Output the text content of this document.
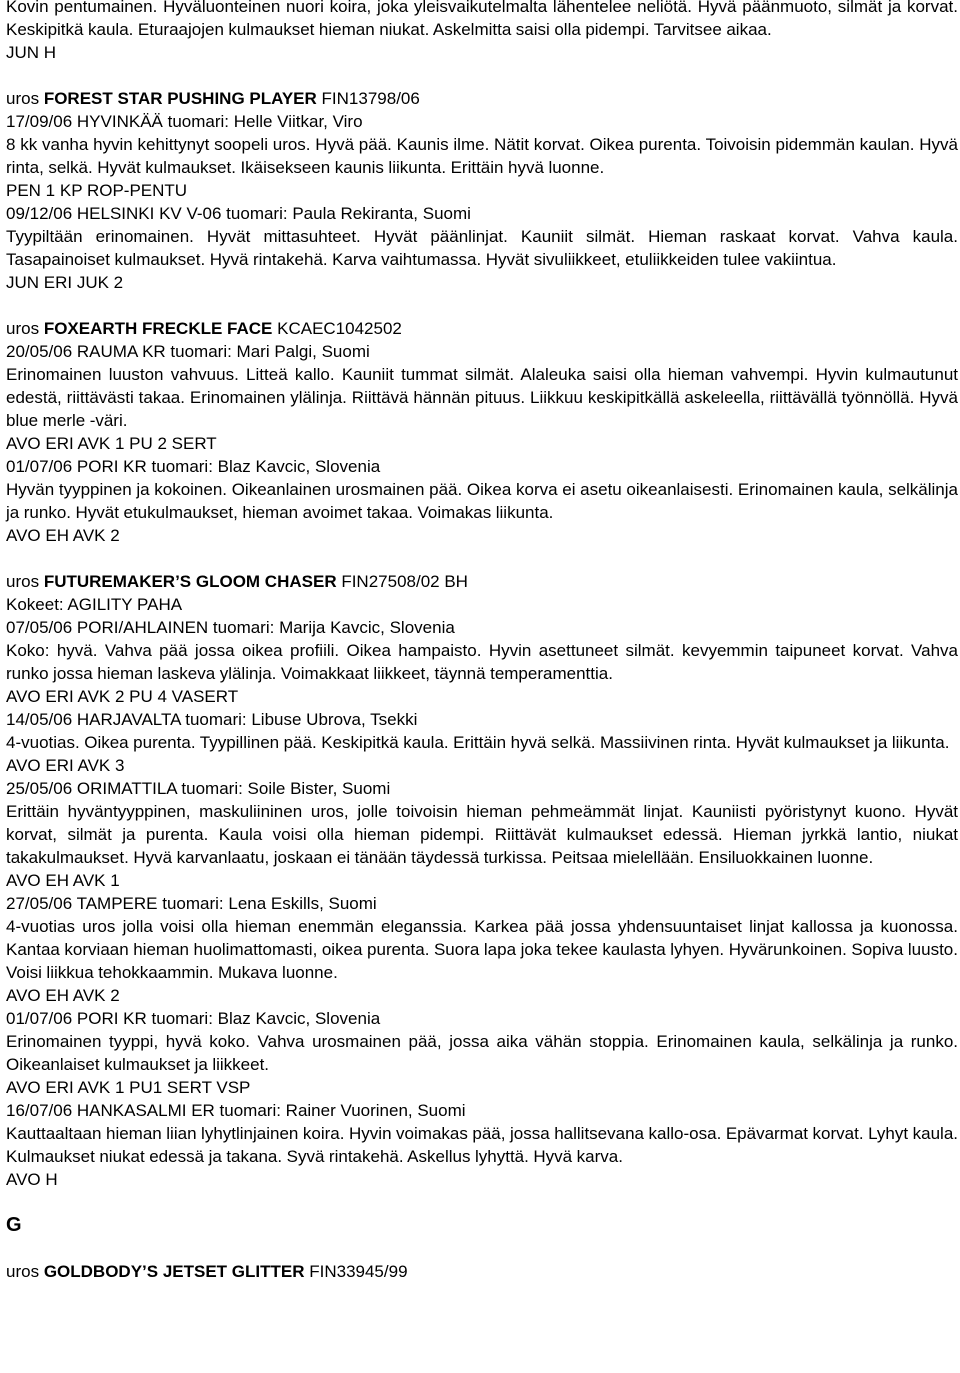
Kovin pentumainen. Hyväluonteinen nuori koira, joka yleisvaikutelmalta lähentelee neliötä. Hyvä päänmuoto, silmät ja korvat. Keskipitkä kaula. Eturaajojen kulmaukset hieman niukat. Askelmitta saisi olla pidempi. Tarvitsee aikaa.
JUN H
uros FOREST STAR PUSHING PLAYER FIN13798/06
17/09/06 HYVINKÄÄ tuomari: Helle Viitkar, Viro
8 kk vanha hyvin kehittynyt soopeli uros. Hyvä pää. Kaunis ilme. Nätit korvat. Oikea purenta. Toivoisin pidemmän kaulan. Hyvä rinta, selkä. Hyvät kulmaukset. Ikäisekseen kaunis liikunta. Erittäin hyvä luonne.
PEN 1 KP ROP-PENTU
09/12/06 HELSINKI KV V-06 tuomari: Paula Rekiranta, Suomi
Tyypiltään erinomainen. Hyvät mittasuhteet. Hyvät päänlinjat. Kauniit silmät. Hieman raskaat korvat. Vahva kaula. Tasapainoiset kulmaukset. Hyvä rintakehä. Karva vaihtumassa. Hyvät sivuliikkeet, etuliikkeiden tulee vakiintua.
JUN ERI JUK 2
uros FOXEARTH FRECKLE FACE KCAEC1042502
20/05/06 RAUMA KR tuomari: Mari Palgi, Suomi
Erinomainen luuston vahvuus. Litteä kallo. Kauniit tummat silmät. Alaleuka saisi olla hieman vahvempi. Hyvin kulmautunut edestä, riittävästi takaa. Erinomainen ylälinja. Riittävä hännän pituus. Liikkuu keskipitkällä askeleella, riittävällä työnnöllä. Hyvä blue merle -väri.
AVO ERI AVK 1 PU 2 SERT
01/07/06 PORI KR tuomari: Blaz Kavcic, Slovenia
Hyvän tyyppinen ja kokoinen. Oikeanlainen urosmainen pää. Oikea korva ei asetu oikeanlaisesti. Erinomainen kaula, selkälinja ja runko. Hyvät etukulmaukset, hieman avoimet takaa. Voimakas liikunta.
AVO EH AVK 2
uros FUTUREMAKER’S GLOOM CHASER FIN27508/02 BH
Kokeet: AGILITY PAHA
07/05/06 PORI/AHLAINEN tuomari: Marija Kavcic, Slovenia
Koko: hyvä. Vahva pää jossa oikea profiili. Oikea hampaisto. Hyvin asettuneet silmät. kevyemmin taipuneet korvat. Vahva runko jossa hieman laskeva ylälinja. Voimakkaat liikkeet, täynnä temperamenttia.
AVO ERI AVK 2 PU 4 VASERT
14/05/06 HARJAVALTA tuomari: Libuse Ubrova, Tsekki
4-vuotias. Oikea purenta. Tyypillinen pää. Keskipitkä kaula. Erittäin hyvä selkä. Massiivinen rinta. Hyvät kulmaukset ja liikunta.
AVO ERI AVK 3
25/05/06 ORIMATTILA tuomari: Soile Bister, Suomi
Erittäin hyväntyyppinen, maskuliininen uros, jolle toivoisin hieman pehmeämmät linjat. Kauniisti pyöristynyt kuono. Hyvät korvat, silmät ja purenta. Kaula voisi olla hieman pidempi. Riittävät kulmaukset edessä. Hieman jyrkkä lantio, niukat takakulmaukset. Hyvä karvanlaatu, joskaan ei tänään täydessä turkissa. Peitsaa mielellään. Ensiluokkainen luonne.
AVO EH AVK 1
27/05/06 TAMPERE tuomari: Lena Eskills, Suomi
4-vuotias uros jolla voisi olla hieman enemmän eleganssia. Karkea pää jossa yhdensuuntaiset linjat kallossa ja kuonossa. Kantaa korviaan hieman huolimattomasti, oikea purenta. Suora lapa joka tekee kaulasta lyhyen. Hyvärunkoinen. Sopiva luusto. Voisi liikkua tehokkaammin. Mukava luonne.
AVO EH AVK 2
01/07/06 PORI KR tuomari: Blaz Kavcic, Slovenia
Erinomainen tyyppi, hyvä koko. Vahva urosmainen pää, jossa aika vähän stoppia. Erinomainen kaula, selkälinja ja runko. Oikeanlaiset kulmaukset ja liikkeet.
AVO ERI AVK 1 PU1 SERT VSP
16/07/06 HANKASALMI ER tuomari: Rainer Vuorinen, Suomi
Kauttaaltaan hieman liian lyhytlinjainen koira. Hyvin voimakas pää, jossa hallitsevana kallo-osa. Epävarmat korvat. Lyhyt kaula. Kulmaukset niukat edessä ja takana. Syvä rintakehä. Askellus lyhyttä. Hyvä karva.
AVO H
G
uros GOLDBODY’S JETSET GLITTER FIN33945/99
